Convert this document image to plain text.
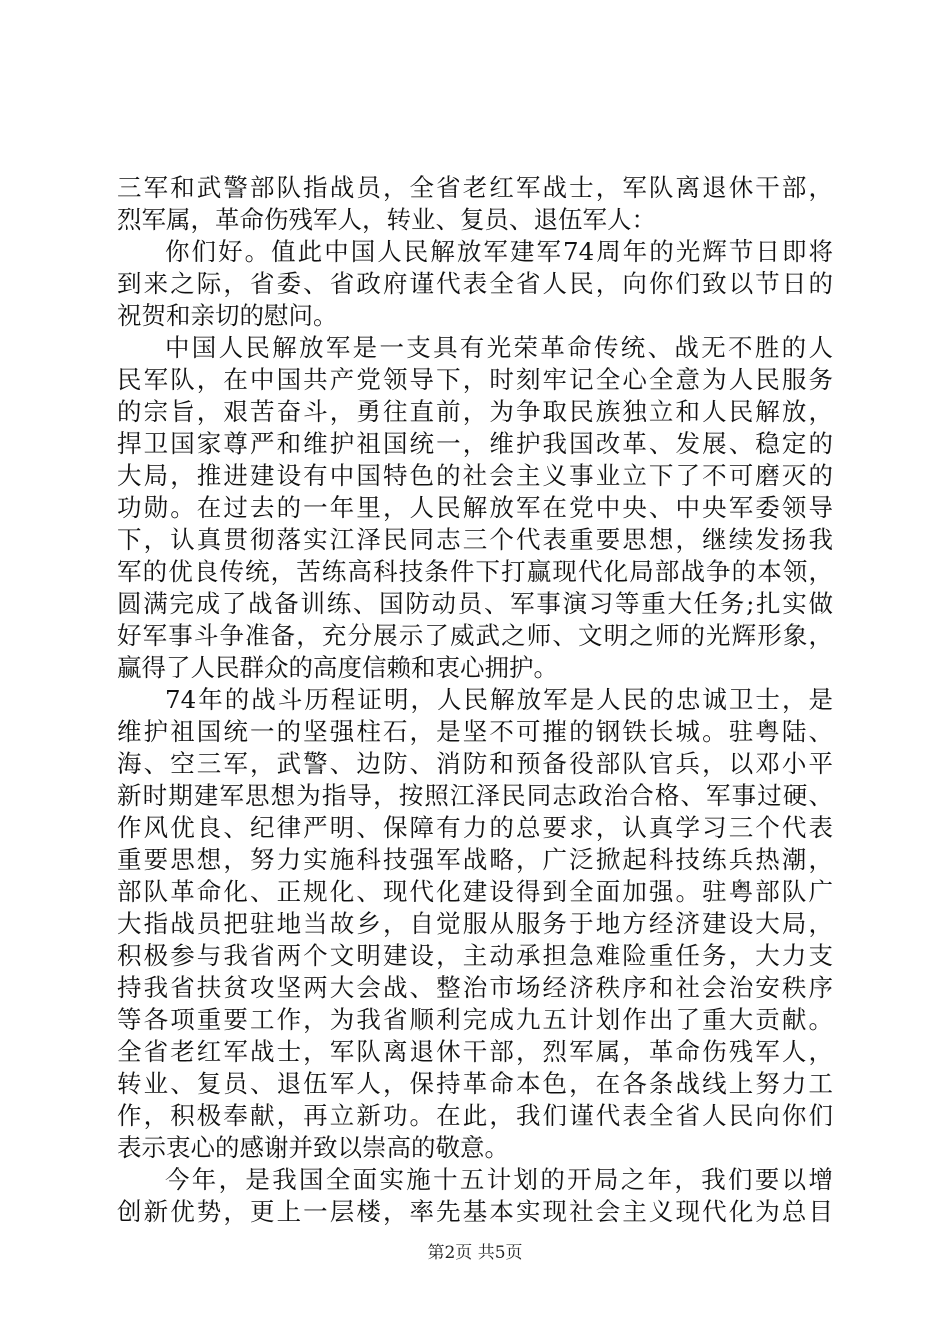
三军和武警部队指战员，全省老红军战士，军队离退休干部，
烈军属，革命伤残军人，转业、复员、退伍军人：
你们好。值此中国人民解放军建军74周年的光辉节日即将
到来之际，省委、省政府谨代表全省人民，向你们致以节日的
祝贺和亲切的慰问。
中国人民解放军是一支具有光荣革命传统、战无不胜的人
民军队，在中国共产党领导下，时刻牢记全心全意为人民服务
的宗旨，艰苦奋斗，勇往直前，为争取民族独立和人民解放，
捍卫国家尊严和维护祖国统一，维护我国改革、发展、稳定的
大局，推进建设有中国特色的社会主义事业立下了不可磨灭的
功勋。在过去的一年里，人民解放军在党中央、中央军委领导
下，认真贯彻落实江泽民同志三个代表重要思想，继续发扬我
军的优良传统，苦练高科技条件下打赢现代化局部战争的本领，
圆满完成了战备训练、国防动员、军事演习等重大任务;扎实做
好军事斗争准备，充分展示了威武之师、文明之师的光辉形象，
赢得了人民群众的高度信赖和衷心拥护。
74年的战斗历程证明，人民解放军是人民的忠诚卫士，是
维护祖国统一的坚强柱石，是坚不可摧的钢铁长城。驻粤陆、
海、空三军，武警、边防、消防和预备役部队官兵，以邓小平
新时期建军思想为指导，按照江泽民同志政治合格、军事过硬、
作风优良、纪律严明、保障有力的总要求，认真学习三个代表
重要思想，努力实施科技强军战略，广泛掀起科技练兵热潮，
部队革命化、正规化、现代化建设得到全面加强。驻粤部队广
大指战员把驻地当故乡，自觉服从服务于地方经济建设大局，
积极参与我省两个文明建设，主动承担急难险重任务，大力支
持我省扶贫攻坚两大会战、整治市场经济秩序和社会治安秩序
等各项重要工作，为我省顺利完成九五计划作出了重大贡献。
全省老红军战士，军队离退休干部，烈军属，革命伤残军人，
转业、复员、退伍军人，保持革命本色，在各条战线上努力工
作，积极奉献，再立新功。在此，我们谨代表全省人民向你们
表示衷心的感谢并致以崇高的敬意。
今年，是我国全面实施十五计划的开局之年，我们要以增
创新优势，更上一层楼，率先基本实现社会主义现代化为总目
第2页 共5页
